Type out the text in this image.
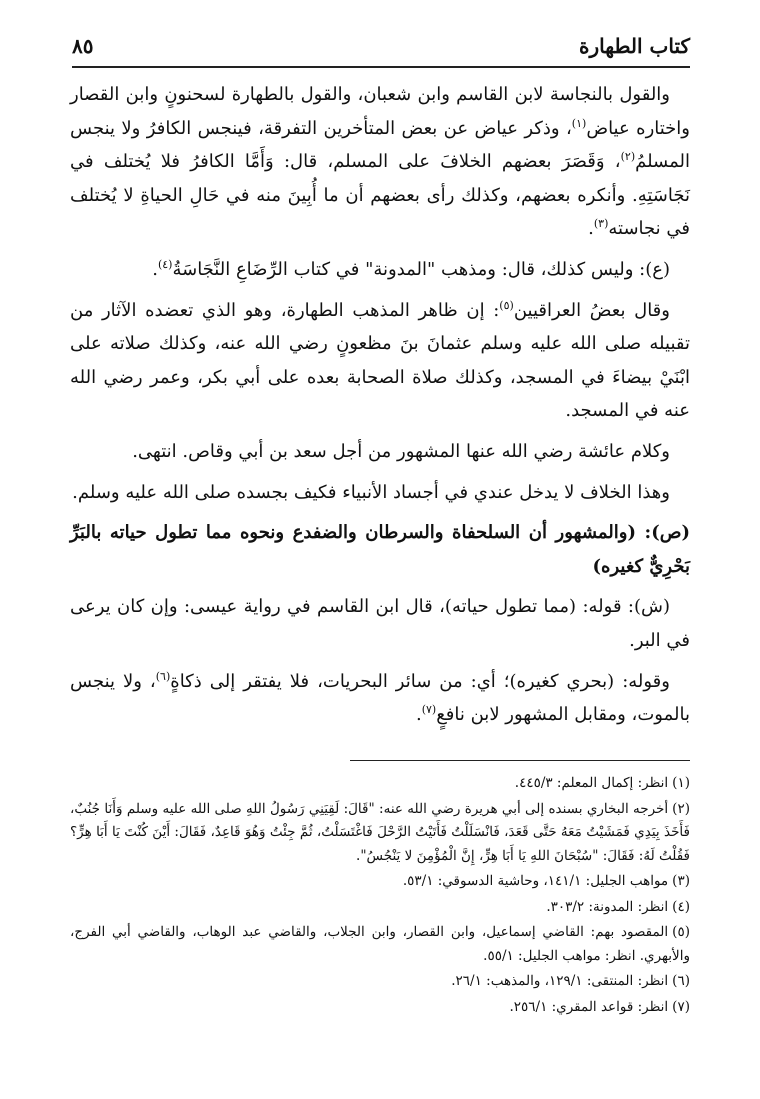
كتاب الطهارة
٨٥

والقول بالنجاسة لابن القاسم وابن شعبان، والقول بالطهارة لسحنونٍ وابن القصار واختاره عياض$^{(١)}$، وذكر عياض عن بعض المتأخرين التفرقة، فينجس الكافرُ ولا ينجس المسلمُ$^{(٢)}$، وَقَصَرَ بعضهم الخلافَ على المسلم، قال: وَأَمَّا الكافرُ فلا يُختلف في نَجَاسَتِهِ. وأنكره بعضهم، وكذلك رأى بعضهم أن ما أُبِينَ منه في حَالِ الحياةِ لا يُختلف في نجاسته$^{(٣)}$.

(ع): وليس كذلك، قال: ومذهب "المدونة" في كتاب الرِّضَاعِ النَّجَاسَةُ$^{(٤)}$.

وقال بعضُ العراقيين$^{(٥)}$: إن ظاهر المذهب الطهارة، وهو الذي تعضده الآثار من تقبيله صلى الله عليه وسلم عثمانَ بنَ مظعونٍ رضي الله عنه، وكذلك صلاته على ابْنَيْ بيضاءَ في المسجد، وكذلك صلاة الصحابة بعده على أبي بكر، وعمر رضي الله عنه في المسجد.

وكلام عائشة رضي الله عنها المشهور من أجل سعد بن أبي وقاص. انتهى.

وهذا الخلاف لا يدخل عندي في أجساد الأنبياء فكيف بجسده صلى الله عليه وسلم.

(ص): (والمشهور أن السلحفاة والسرطان والضفدع ونحوه مما تطول حياته بالبَرِّ بَحْرِيٌّ كغيره)

(ش): قوله: (مما تطول حياته)، قال ابن القاسم في رواية عيسى: وإن كان يرعى في البر.

وقوله: (بحري كغيره)؛ أي: من سائر البحريات، فلا يفتقر إلى ذكاةٍ$^{(٦)}$، ولا ينجس بالموت، ومقابل المشهور لابن نافعٍ$^{(٧)}$.

(١)انظر: إكمال المعلم: ٤٤٥/٣.
(٢)أخرجه البخاري بسنده إلى أبي هريرة رضي الله عنه: "قَالَ: لَقِيَنِي رَسُولُ اللهِ صلى الله عليه وسلم وَأَنَا جُنُبٌ، فَأَخَذَ بِيَدِي فَمَشَيْتُ مَعَهُ حَتَّى قَعَدَ، فَانْسَلَلْتُ فَأَتَيْتُ الرَّحْلَ فَاغْتَسَلْتُ، ثُمَّ جِئْتُ وَهُوَ قَاعِدٌ، فَقَالَ: أَيْنَ كُنْتَ يَا أَبَا هِرٍّ؟ فَقُلْتُ لَهُ: فَقَالَ: "سُبْحَانَ اللهِ يَا أَبَا هِرٍّ، إِنَّ الْمُؤْمِنَ لا يَنْجُسُ".
(٣)مواهب الجليل: ١٤١/١، وحاشية الدسوقي: ٥٣/١.
(٤)انظر: المدونة: ٣٠٣/٢.
(٥)المقصود بهم: القاضي إسماعيل، وابن القصار، وابن الجلاب، والقاضي عبد الوهاب، والقاضي أبي الفرج، والأبهري. انظر: مواهب الجليل: ٥٥/١.
(٦)انظر: المنتقى: ١٢٩/١، والمذهب: ٢٦/١.
(٧)انظر: قواعد المقري: ٢٥٦/١.
